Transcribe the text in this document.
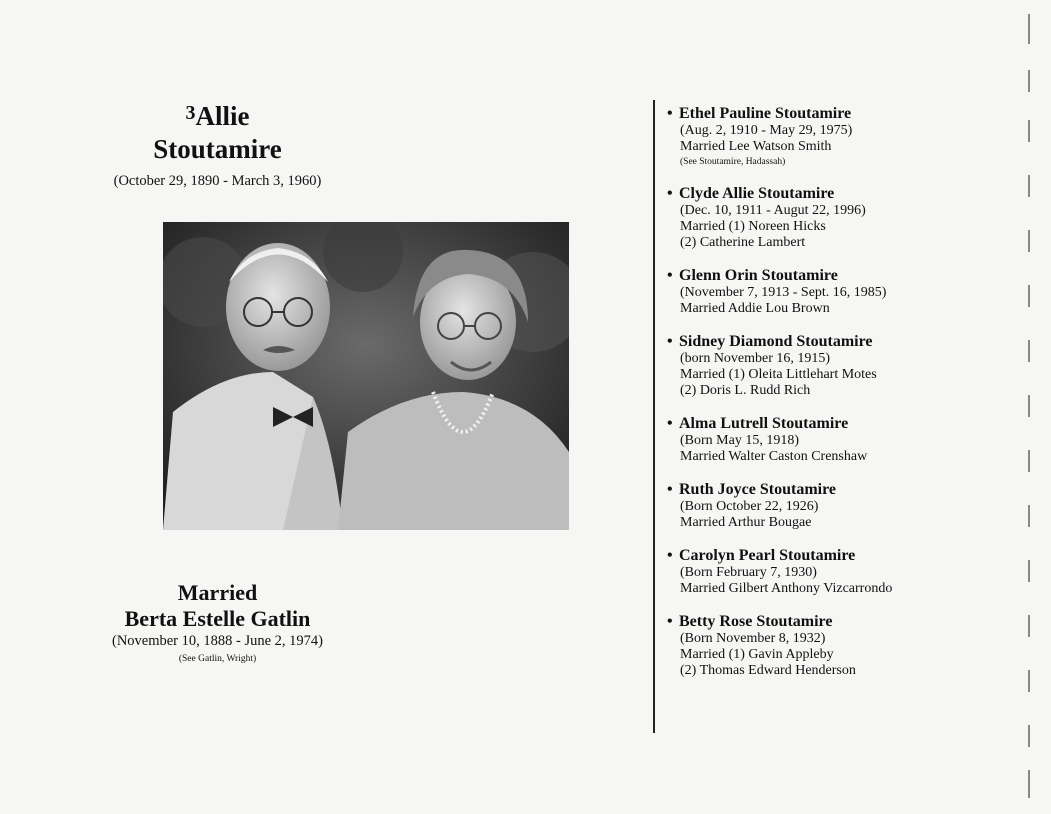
$^3$Allie
Stoutamire
(October 29, 1890 - March 3, 1960)
Married
Berta Estelle Gatlin
(November 10, 1888 - June 2, 1974)
(See Gatlin, Wright)
• Ethel Pauline Stoutamire
(Aug. 2, 1910 - May 29, 1975)
Married Lee Watson Smith
(See Stoutamire, Hadassah)
• Clyde Allie Stoutamire
(Dec. 10, 1911 - Augut 22, 1996)
Married (1) Noreen Hicks
(2) Catherine Lambert
• Glenn Orin Stoutamire
(November 7, 1913 - Sept. 16, 1985)
Married Addie Lou Brown
• Sidney Diamond Stoutamire
(born November 16, 1915)
Married (1) Oleita Littlehart Motes
(2) Doris L. Rudd Rich
• Alma Lutrell Stoutamire
(Born May 15, 1918)
Married Walter Caston Crenshaw
• Ruth Joyce Stoutamire
(Born October 22, 1926)
Married Arthur Bougae
• Carolyn Pearl Stoutamire
(Born February 7, 1930)
Married Gilbert Anthony Vizcarrondo
• Betty Rose Stoutamire
(Born November 8, 1932)
Married (1) Gavin Appleby
(2) Thomas Edward Henderson
